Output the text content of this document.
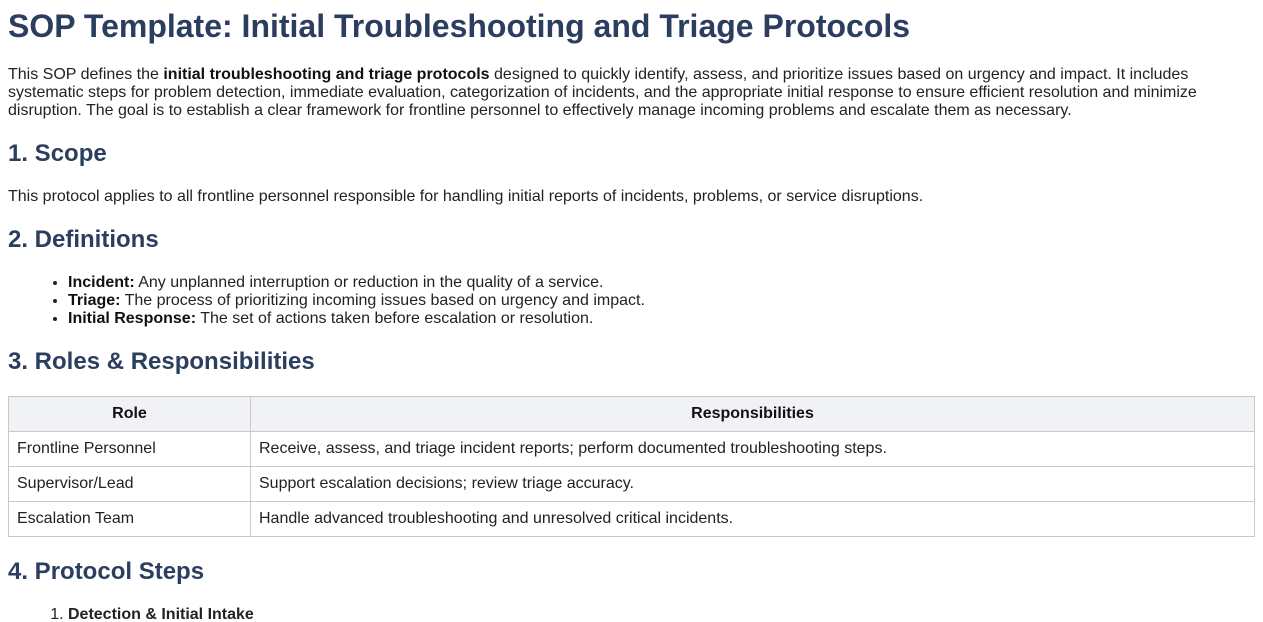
SOP Template: Initial Troubleshooting and Triage Protocols

This SOP defines the initial troubleshooting and triage protocols designed to quickly identify, assess, and prioritize issues based on urgency and impact. It includes systematic steps for problem detection, immediate evaluation, categorization of incidents, and the appropriate initial response to ensure efficient resolution and minimize disruption. The goal is to establish a clear framework for frontline personnel to effectively manage incoming problems and escalate them as necessary.

1. Scope

This protocol applies to all frontline personnel responsible for handling initial reports of incidents, problems, or service disruptions.

2. Definitions
• Incident: Any unplanned interruption or reduction in the quality of a service.
• Triage: The process of prioritizing incoming issues based on urgency and impact.
• Initial Response: The set of actions taken before escalation or resolution.
3. Roles & Responsibilities
Role	Responsibilities
Frontline Personnel	Receive, assess, and triage incident reports; perform documented troubleshooting steps.
Supervisor/Lead	Support escalation decisions; review triage accuracy.
Escalation Team	Handle advanced troubleshooting and unresolved critical incidents.
4. Protocol Steps
1. Detection & Initial Intake
